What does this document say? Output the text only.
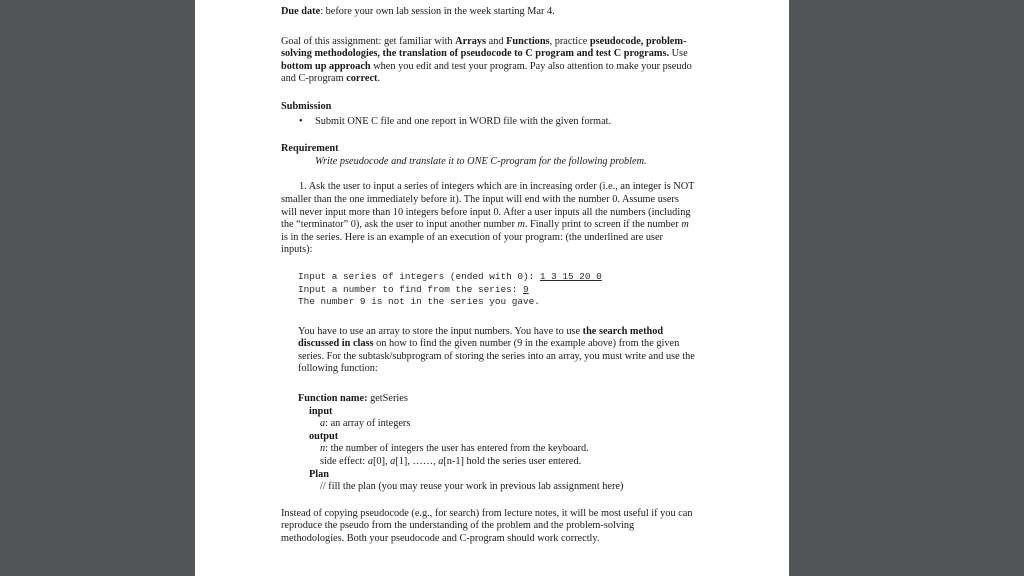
Due date: before your own lab session in the week starting Mar 4.

Goal of this assignment: get familiar with Arrays and Functions, practice pseudocode, problem-solving methodologies, the translation of pseudocode to C program and test C programs. Use bottom up approach when you edit and test your program. Pay also attention to make your pseudo and C-program correct.

Submission

•	Submit ONE C file and one report in WORD file with the given format.

Requirement

Write pseudocode and translate it to ONE C-program for the following problem.

1. Ask the user to input a series of integers which are in increasing order (i.e., an integer is NOT smaller than the one immediately before it). The input will end with the number 0. Assume users will never input more than 10 integers before input 0. After a user inputs all the numbers (including the “terminator” 0), ask the user to input another number m. Finally print to screen if the number m is in the series. Here is an example of an execution of your program: (the underlined are user inputs):

Input a series of integers (ended with 0): 1 3 15 20 0
Input a number to find from the series: 9
The number 9 is not in the series you gave.

You have to use an array to store the input numbers. You have to use the search method discussed in class on how to find the given number (9 in the example above) from the given series. For the subtask/subprogram of storing the series into an array, you must write and use the following function:

Function name: getSeries

input

a: an array of integers

output

n: the number of integers the user has entered from the keyboard.

side effect: a[0], a[1], ……, a[n-1] hold the series user entered.

Plan

// fill the plan (you may reuse your work in previous lab assignment here)

Instead of copying pseudocode (e.g., for search) from lecture notes, it will be most useful if you can reproduce the pseudo from the understanding of the problem and the problem-solving methodologies. Both your pseudocode and C-program should work correctly.
